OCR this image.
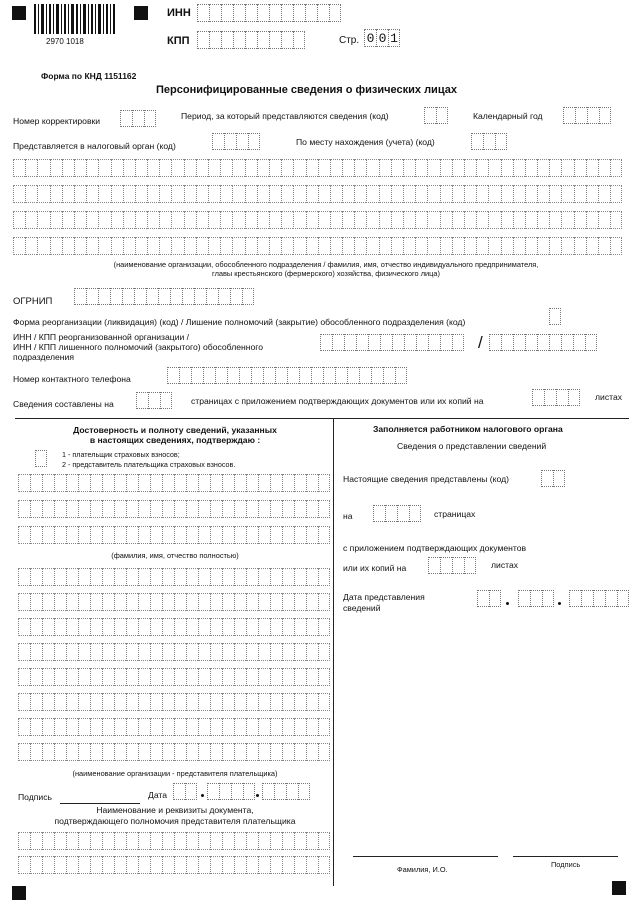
2970 1018
ИНН
КПП	Стр. 0 0 1
Форма по КНД 1151162
Персонифицированные сведения о физических лицах
Номер корректировки	Период, за который представляются сведения (код)	Календарный год
Представляется в налоговый орган (код)	По месту нахождения (учета) (код)
(наименование организации, обособленного подразделения / фамилия, имя, отчество индивидуального предпринимателя,
главы крестьянского (фермерского) хозяйства, физического лица)
ОГРНИП
Форма реорганизации (ликвидация) (код) / Лишение полномочий (закрытие) обособленного подразделения (код)
ИНН / КПП реорганизованной организации /
ИНН / КПП лишенного полномочий (закрытого) обособленного
подразделения
/
Номер контактного телефона
Сведения составлены на	страницах с приложением подтверждающих документов или их копий на	листах
Достоверность и полноту сведений, указанных
в настоящих сведениях, подтверждаю :
1 - плательщик страховых взносов;
2 - представитель плательщика страховых взносов.
(фамилия, имя, отчество полностью)
(наименование организации - представителя плательщика)
Подпись	Дата
Наименование и реквизиты документа,
подтверждающего полномочия представителя плательщика
Заполняется работником налогового органа
Сведения о представлении сведений
Настоящие сведения представлены (код)
на	страницах
с приложением подтверждающих документов
или их копий на	листах
Дата представления
сведений
Фамилия, И.О.
Подпись
